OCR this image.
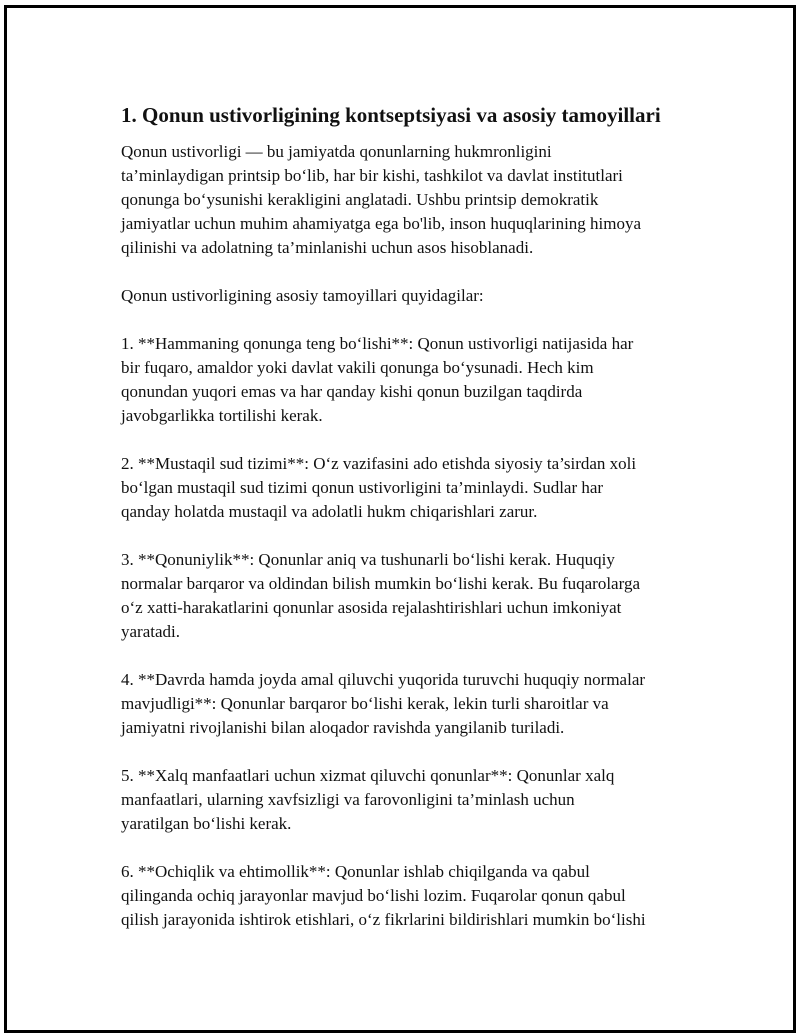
1. Qonun ustivorligining kontseptsiyasi va asosiy tamoyillari

Qonun ustivorligi — bu jamiyatda qonunlarning hukmronligini
ta’minlaydigan printsip bo‘lib, har bir kishi, tashkilot va davlat institutlari
qonunga bo‘ysunishi kerakligini anglatadi. Ushbu printsip demokratik
jamiyatlar uchun muhim ahamiyatga ega bo'lib, inson huquqlarining himoya
qilinishi va adolatning ta’minlanishi uchun asos hisoblanadi.

Qonun ustivorligining asosiy tamoyillari quyidagilar:

1. **Hammaning qonunga teng bo‘lishi**: Qonun ustivorligi natijasida har
bir fuqaro, amaldor yoki davlat vakili qonunga bo‘ysunadi. Hech kim
qonundan yuqori emas va har qanday kishi qonun buzilgan taqdirda
javobgarlikka tortilishi kerak.

2. **Mustaqil sud tizimi**: O‘z vazifasini ado etishda siyosiy ta’sirdan xoli
bo‘lgan mustaqil sud tizimi qonun ustivorligini ta’minlaydi. Sudlar har
qanday holatda mustaqil va adolatli hukm chiqarishlari zarur.

3. **Qonuniylik**: Qonunlar aniq va tushunarli bo‘lishi kerak. Huquqiy
normalar barqaror va oldindan bilish mumkin bo‘lishi kerak. Bu fuqarolarga
o‘z xatti-harakatlarini qonunlar asosida rejalashtirishlari uchun imkoniyat
yaratadi.

4. **Davrda hamda joyda amal qiluvchi yuqorida turuvchi huquqiy normalar
mavjudligi**: Qonunlar barqaror bo‘lishi kerak, lekin turli sharoitlar va
jamiyatni rivojlanishi bilan aloqador ravishda yangilanib turiladi.

5. **Xalq manfaatlari uchun xizmat qiluvchi qonunlar**: Qonunlar xalq
manfaatlari, ularning xavfsizligi va farovonligini ta’minlash uchun
yaratilgan bo‘lishi kerak.

6. **Ochiqlik va ehtimollik**: Qonunlar ishlab chiqilganda va qabul
qilinganda ochiq jarayonlar mavjud bo‘lishi lozim. Fuqarolar qonun qabul
qilish jarayonida ishtirok etishlari, o‘z fikrlarini bildirishlari mumkin bo‘lishi
